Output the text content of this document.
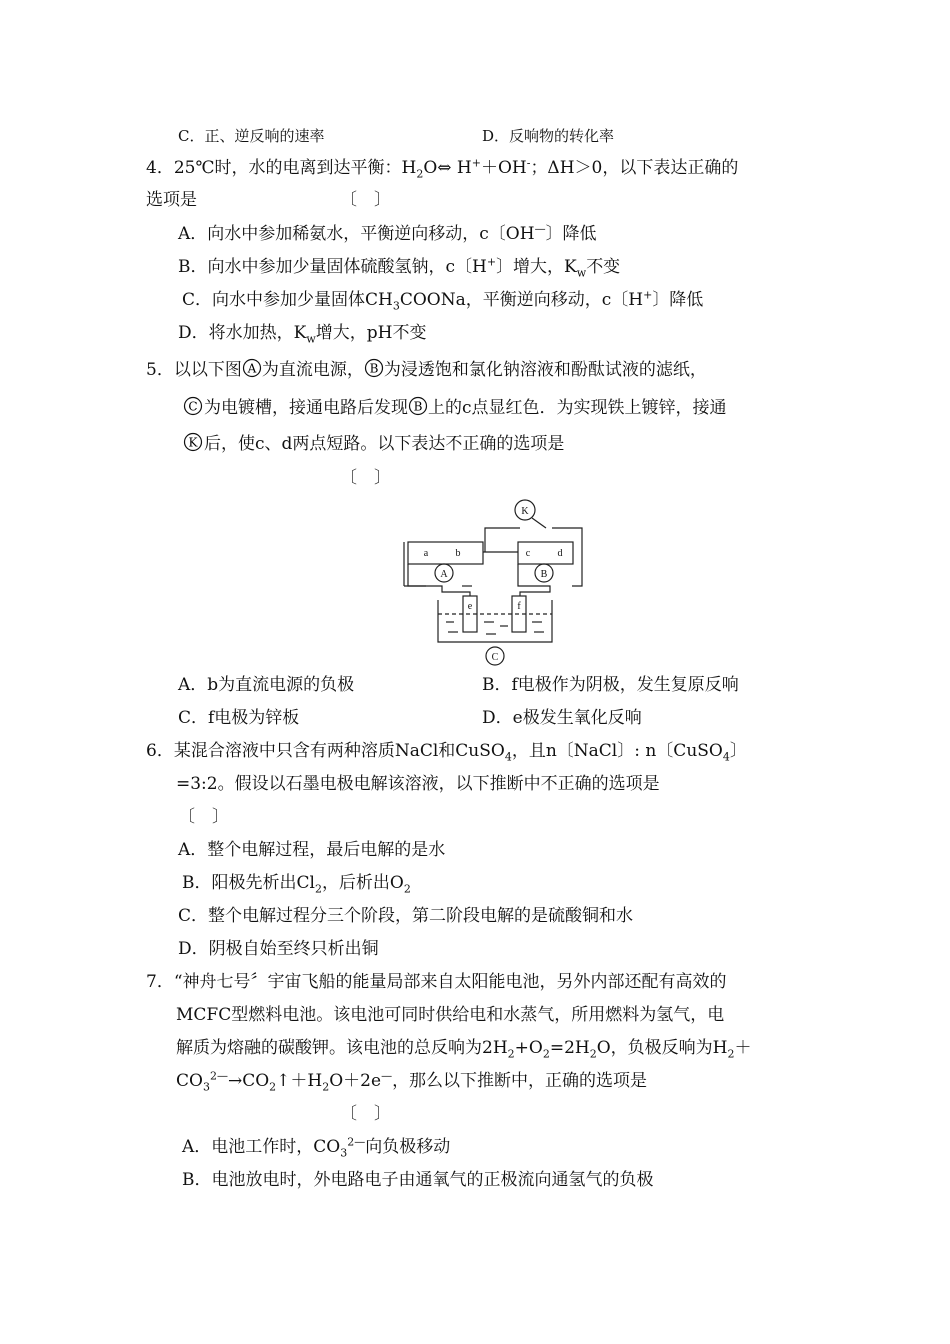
C．正、逆反响的速率	D．反响物的转化率
4．25℃时，水的电离到达平衡：$H_2O\Leftrightarrow$ H+＋OH-；ΔH＞0，以下表达正确的
选项是	〔　〕
A．向水中参加稀氨水，平衡逆向移动，c〔OH—〕降低
B．向水中参加少量固体硫酸氢钠，c〔H+〕增大，$K_w$不变
C．向水中参加少量固体$CH_3COONa$，平衡逆向移动，c〔H+〕降低
D．将水加热，$K_w$增大，pH不变
5．以以下图 A 为直流电源， B 为浸透饱和氯化钠溶液和酚酞试液的滤纸，
C 为电镀槽，接通电路后发现 B 上的c点显红色．为实现铁上镀锌，接通
K 后，使c、d两点短路。以下表达不正确的选项是
〔　〕
K
a	b	c	d
A	B
e	f
C
A．b为直流电源的负极	B．f电极作为阴极，发生复原反响
C．f电极为锌板	D．e极发生氧化反响
6．某混合溶液中只含有两种溶质NaCl和CuSO$_4$，且n〔NaCl〕: n〔CuSO$_4$〕
=3:2。假设以石墨电极电解该溶液，以下推断中不正确的选项是
〔　〕
A．整个电解过程，最后电解的是水
B．阳极先析出$Cl_2$，后析出$O_2$
C．整个电解过程分三个阶段，第二阶段电解的是硫酸铜和水
D．阴极自始至终只析出铜
7．“神舟七号〞宇宙飞船的能量局部来自太阳能电池，另外内部还配有高效的
MCFC型燃料电池。该电池可同时供给电和水蒸气，所用燃料为氢气，电
解质为熔融的碳酸钾。该电池的总反响为$2H_2+O_2=2H_2O$，负极反响为$H_2+$
$CO_3^{2—}\to CO_2↑+H_2O+2e^—$，那么以下推断中，正确的选项是
〔　〕
A．电池工作时，$CO_3^{2—}$向负极移动
B．电池放电时，外电路电子由通氧气的正极流向通氢气的负极
